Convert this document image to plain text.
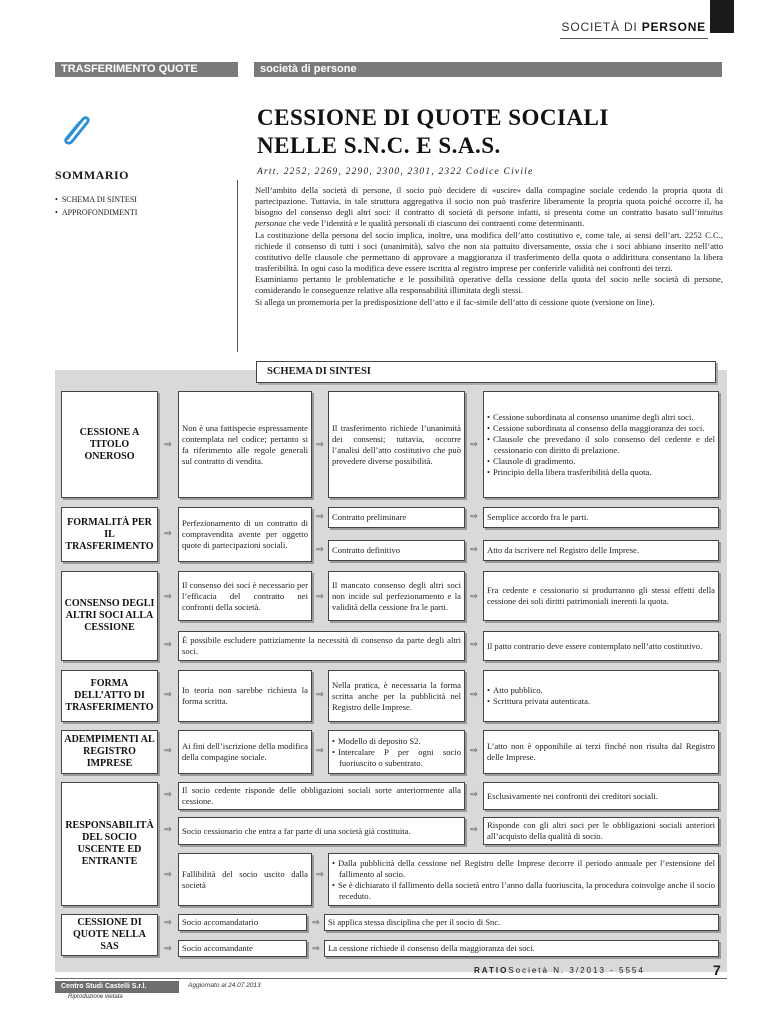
SOCIETÀ DI PERSONE
TRASFERIMENTO QUOTE	società di persone
CESSIONE DI QUOTE SOCIALI
NELLE S.N.C. E S.A.S.
Artt. 2252, 2269, 2290, 2300, 2301, 2322 Codice Civile
SOMMARIO
• SCHEMA DI SINTESI
• APPROFONDIMENTI

Nell’ambito della società di persone, il socio può decidere di «uscire» dalla compagine sociale cedendo la propria quota di partecipazione. Tuttavia, in tale struttura aggregativa il socio non può trasferire liberamente la propria quota poiché occorre il, ha bisogno del consenso degli altri soci: il contratto di società di persone infatti, si presenta come un contratto basato sull’intuitus personae che vede l’identità e le qualità personali di ciascuno dei contraenti come determinanti.

La costituzione della persona del socio implica, inoltre, una modifica dell’atto costitutivo e, come tale, ai sensi dell’art. 2252 C.C., richiede il consenso di tutti i soci (unanimità), salvo che non sia pattuito diversamente, ossia che i soci abbiano inserito nell’atto costitutivo delle clausole che permettano di approvare a maggioranza il trasferimento della quota o addirittura consentano la libera trasferibilità. In ogni caso la modifica deve essere iscritta al registro imprese per conferirle validità nei confronti dei terzi.

Esaminiamo pertanto le problematiche e le possibilità operative della cessione della quota del socio nelle società di persone, considerando le conseguenze relative alla responsabilità illimitata degli stessi.

Si allega un promemoria per la predisposizione dell’atto e il fac-simile dell’atto di cessione quote (versione on line).

SCHEMA DI SINTESI
CESSIONE A TITOLO ONEROSO
⇨
Non è una fattispecie espressamente contemplata nel codice; pertanto si fa riferimento alle regole generali sul contratto di vendita.
⇨
Il trasferimento richiede l’unanimità dei consensi; tuttavia, occorre l’analisi dell’atto costitutivo che può prevedere diverse possibilità.
⇨
• Cessione subordinata al consenso unanime degli altri soci.
• Cessione subordinata al consenso della maggioranza dei soci.
• Clausole che prevedano il solo consenso del cedente e del cessionario con diritto di prelazione.
• Clausole di gradimento.
• Principio della libera trasferibilità della quota.
FORMALITÀ PER IL TRASFERIMENTO
⇨
Perfezionamento di un contratto di compravendita avente per oggetto quote di partecipazioni sociali.
⇨ Contratto preliminare	⇨ Semplice accordo fra le parti.
⇨ Contratto definitivo	⇨ Atto da iscrivere nel Registro delle Imprese.
CONSENSO DEGLI ALTRI SOCI ALLA CESSIONE
⇨
Il consenso dei soci è necessario per l’efficacia del contratto nei confronti della società.
⇨
Il mancato consenso degli altri soci non incide sul perfezionamento e la validità della cessione fra le parti.
⇨
Fra cedente e cessionario si produrranno gli stessi effetti della cessione dei soli diritti patrimoniali inerenti la quota.
⇨ È possibile escludere pattiziamente la necessità di consenso da parte degli altri soci.
⇨ Il patto contrario deve essere contemplato nell’atto costitutivo.
FORMA DELL’ATTO DI TRASFERIMENTO
⇨ In teoria non sarebbe richiesta la forma scritta.
⇨
Nella pratica, è necessaria la forma scritta anche per la pubblicità nel Registro delle Imprese.
⇨
•	Atto pubblico.
• Scrittura privata autenticata.
ADEMPIMENTI AL REGISTRO IMPRESE
⇨ Ai fini dell’iscrizione della modifica della compagine sociale.
⇨
• Modello di deposito S2.
• Intercalare P per ogni socio fuoriuscito o subentrato.
⇨ L’atto non è opponibile ai terzi finché non risulta dal Registro delle Imprese.
RESPONSABILITÀ DEL SOCIO USCENTE ED ENTRANTE
⇨ Il socio cedente risponde delle obbligazioni sociali sorte anteriormente alla cessione.
⇨ Esclusivamente nei confronti dei creditori sociali.
⇨ Socio cessionario che entra a far parte di una società già costituita.	⇨ Risponde con gli altri soci per le obbligazioni sociali anteriori all’acquisto della qualità di socio.
⇨ Fallibilità del socio uscito dalla società
⇨
• Dalla pubblicità della cessione nel Registro delle Imprese decorre il periodo annuale per l’estensione del fallimento al socio.
• Se è dichiarato il fallimento della società entro l’anno dalla fuoriuscita, la procedura coinvolge anche il socio receduto.
CESSIONE DI QUOTE NELLA SAS
⇨ Socio accomandatario	⇨ Si applica stessa disciplina che per il socio di Snc.
⇨ Socio accomandante	⇨ La cessione richiede il consenso della maggioranza dei soci.
RATIOSocietà N. 3/2013 - 5554	7
Centro Studi Castelli S.r.l.	Aggiornato al 24.07.2013
Riproduzione vietata
